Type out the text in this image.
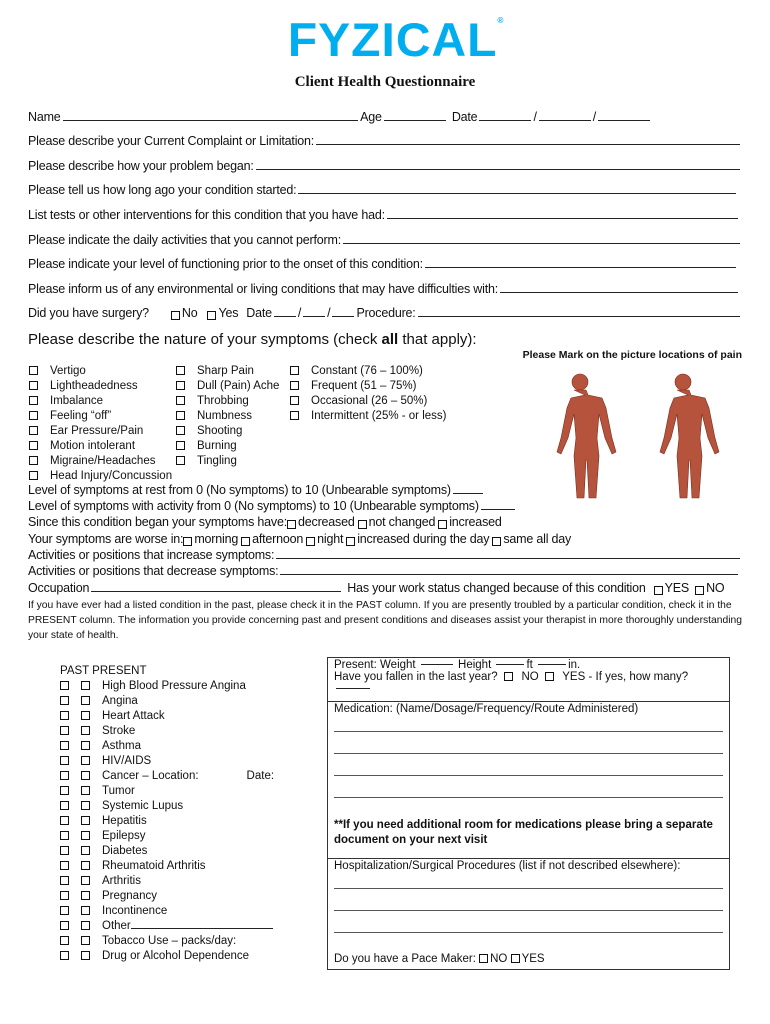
FYZICAL®
Client Health Questionnaire
Name	Age	Date	/	/
Please describe your Current Complaint or Limitation:
Please describe how your problem began:
Please tell us how long ago your condition started:
List tests or other interventions for this condition that you have had:
Please indicate the daily activities that you cannot perform:
Please indicate your level of functioning prior to the onset of this condition:
Please inform us of any environmental or living conditions that may have difficulties with:
Did you have surgery?	No Yes Date / / Procedure:
Please describe the nature of your symptoms (check all that apply):
Please Mark on the picture locations of pain
Vertigo
Lightheadedness
Imbalance
Feeling “off”
Ear Pressure/Pain
Motion intolerant
Migraine/Headaches
Head Injury/Concussion
Sharp Pain
Dull (Pain) Ache
Throbbing
Numbness
Shooting
Burning
Tingling
Constant (76 – 100%)
Frequent (51 – 75%)
Occasional (26 – 50%)
Intermittent (25% - or less)
Level of symptoms at rest from 0 (No symptoms) to 10 (Unbearable symptoms)
Level of symptoms with activity from 0 (No symptoms) to 10 (Unbearable symptoms)
Since this condition began your symptoms have: decreased not changed increased
Your symptoms are worse in: morning afternoon night increased during the day same all day
Activities or positions that increase symptoms:
Activities or positions that decrease symptoms:
Occupation	Has your work status changed because of this condition YES NO
If you have ever had a listed condition in the past, please check it in the PAST column. If you are presently troubled by a particular condition, check it in the PRESENT column. The information you provide concerning past and present conditions and diseases assist your therapist in more thoroughly understanding your state of health.
PAST PRESENT
High Blood Pressure Angina
Angina
Heart Attack
Stroke
Asthma
HIV/AIDS
Cancer – Location:	Date:
Tumor
Systemic Lupus
Hepatitis
Epilepsy
Diabetes
Rheumatoid Arthritis
Arthritis
Pregnancy
Incontinence
Other
Tobacco Use – packs/day:
Drug or Alcohol Dependence
Present: Weight	Height	ft	in.
Have you fallen in the last year? NO YES - If yes, how many?
Medication: (Name/Dosage/Frequency/Route Administered)
**If you need additional room for medications please bring a separate document on your next visit
Hospitalization/Surgical Procedures (list if not described elsewhere):
Do you have a Pace Maker: NO YES
